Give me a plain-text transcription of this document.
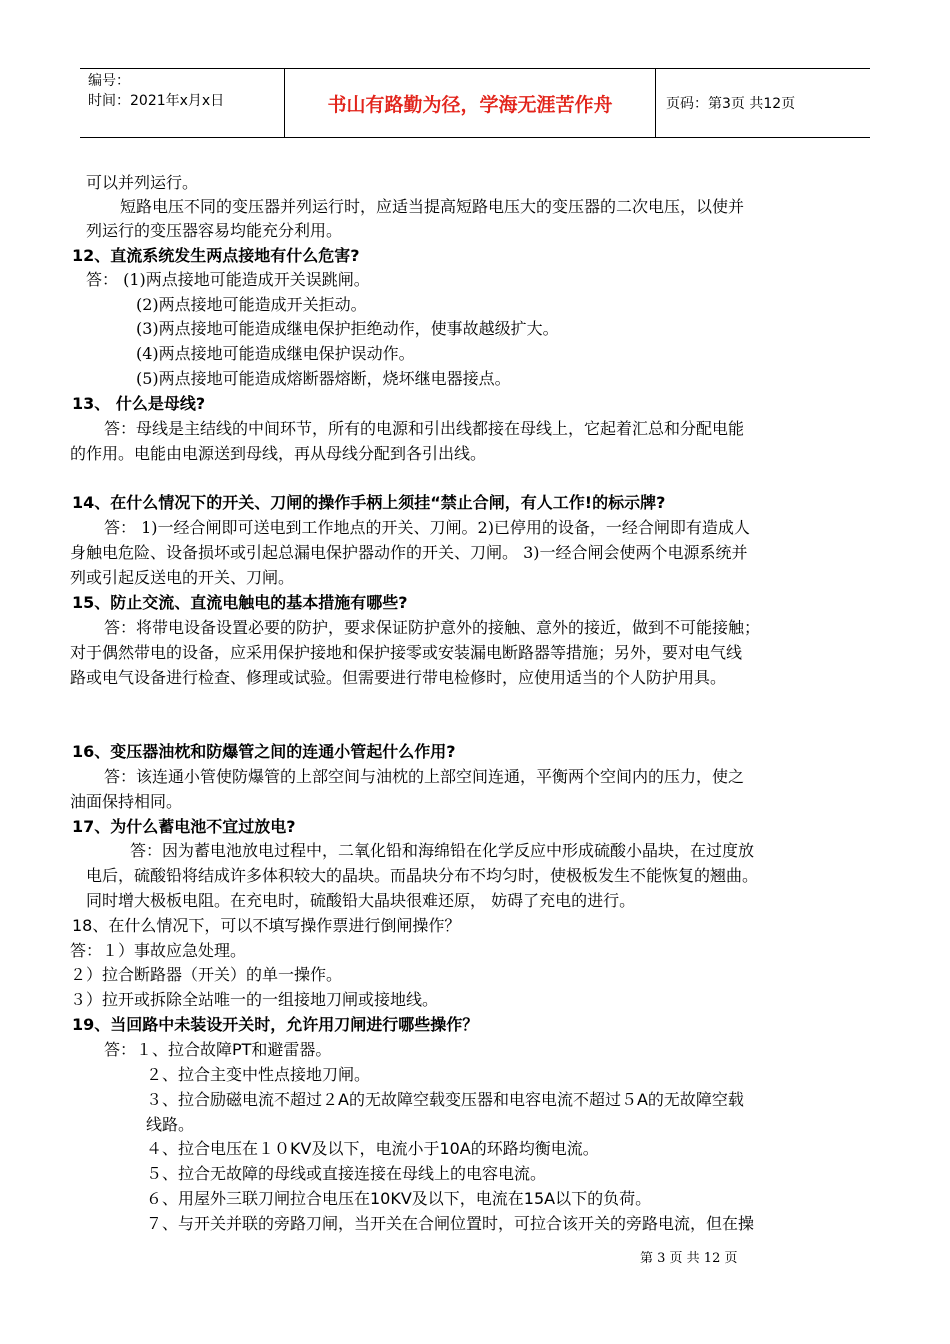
编号：
时间：2021年x月x日	书山有路勤为径，学海无涯苦作舟	页码：第3页 共12页
可以并列运行。
短路电压不同的变压器并列运行时，应适当提高短路电压大的变压器的二次电压，以使并
列运行的变压器容易均能充分利用。
12、直流系统发生两点接地有什么危害?
答： (1)两点接地可能造成开关误跳闸。
(2)两点接地可能造成开关拒动。
(3)两点接地可能造成继电保护拒绝动作，使事故越级扩大。
(4)两点接地可能造成继电保护误动作。
(5)两点接地可能造成熔断器熔断，烧坏继电器接点。
13、 什么是母线?
答：母线是主结线的中间环节，所有的电源和引出线都接在母线上，它起着汇总和分配电能
的作用。电能由电源送到母线，再从母线分配到各引出线。
14、在什么情况下的开关、刀闸的操作手柄上须挂“禁止合闸，有人工作!的标示牌?
答： 1)一经合闸即可送电到工作地点的开关、刀闸。2)已停用的设备，一经合闸即有造成人
身触电危险、设备损坏或引起总漏电保护器动作的开关、刀闸。 3)一经合闸会使两个电源系统并
列或引起反送电的开关、刀闸。
15、防止交流、直流电触电的基本措施有哪些?
答：将带电设备设置必要的防护，要求保证防护意外的接触、意外的接近，做到不可能接触；
对于偶然带电的设备，应采用保护接地和保护接零或安装漏电断路器等措施；另外，要对电气线
路或电气设备进行检查、修理或试验。但需要进行带电检修时，应使用适当的个人防护用具。
16、变压器油枕和防爆管之间的连通小管起什么作用?
答：该连通小管使防爆管的上部空间与油枕的上部空间连通，平衡两个空间内的压力，使之
油面保持相同。
17、为什么蓄电池不宜过放电?
答：因为蓄电池放电过程中，二氧化铅和海绵铅在化学反应中形成硫酸小晶块，在过度放
电后，硫酸铅将结成许多体积较大的晶块。而晶块分布不均匀时，使极板发生不能恢复的翘曲。
同时增大极板电阻。在充电时，硫酸铅大晶块很难还原， 妨碍了充电的进行。
18、在什么情况下，可以不填写操作票进行倒闸操作？
答：１）事故应急处理。
２）拉合断路器（开关）的单一操作。
３）拉开或拆除全站唯一的一组接地刀闸或接地线。
19、当回路中未装设开关时，允许用刀闸进行哪些操作？
答：１、拉合故障PT和避雷器。
２、拉合主变中性点接地刀闸。
３、拉合励磁电流不超过２A的无故障空载变压器和电容电流不超过５A的无故障空载
线路。
４、拉合电压在１０KV及以下，电流小于10A的环路均衡电流。
５、拉合无故障的母线或直接连接在母线上的电容电流。
６、用屋外三联刀闸拉合电压在10KV及以下，电流在15A以下的负荷。
７、与开关并联的旁路刀闸，当开关在合闸位置时，可拉合该开关的旁路电流，但在操
第 3 页 共 12 页
